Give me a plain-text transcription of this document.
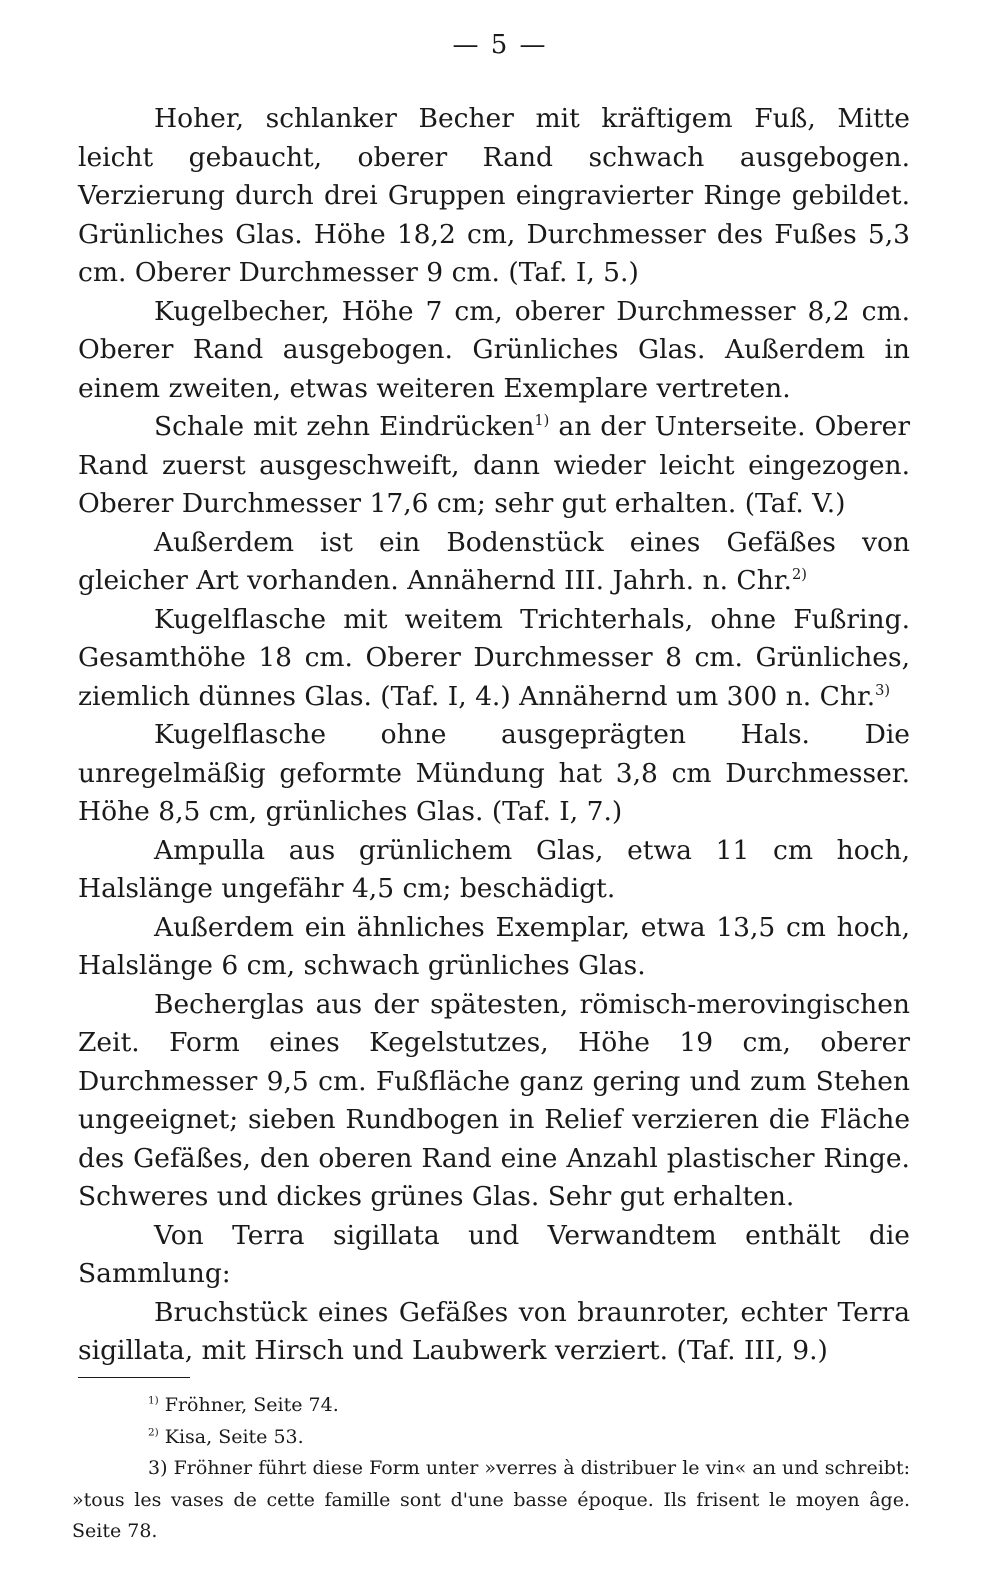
— 5 —

Hoher, schlanker Becher mit kräftigem Fuß, Mitte leicht gebaucht, oberer Rand schwach ausgebogen. Verzierung durch drei Gruppen eingravierter Ringe gebildet. Grünliches Glas. Höhe 18,2 cm, Durchmesser des Fußes 5,3 cm. Oberer Durchmesser 9 cm. (Taf. I, 5.)

Kugelbecher, Höhe 7 cm, oberer Durchmesser 8,2 cm. Oberer Rand ausgebogen. Grünliches Glas. Außerdem in einem zweiten, etwas weiteren Exemplare vertreten.

Schale mit zehn Eindrücken$^{1)}$ an der Unterseite. Oberer Rand zuerst ausgeschweift, dann wieder leicht eingezogen. Oberer Durchmesser 17,6 cm; sehr gut erhalten. (Taf. V.)

Außerdem ist ein Bodenstück eines Gefäßes von gleicher Art vorhanden. Annähernd III. Jahrh. n. Chr.$^{2)}$

Kugelflasche mit weitem Trichterhals, ohne Fußring. Gesamthöhe 18 cm. Oberer Durchmesser 8 cm. Grünliches, ziemlich dünnes Glas. (Taf. I, 4.) Annähernd um 300 n. Chr.$^{3)}$

Kugelflasche ohne ausgeprägten Hals. Die unregelmäßig geformte Mündung hat 3,8 cm Durchmesser. Höhe 8,5 cm, grünliches Glas. (Taf. I, 7.)

Ampulla aus grünlichem Glas, etwa 11 cm hoch, Halslänge ungefähr 4,5 cm; beschädigt.

Außerdem ein ähnliches Exemplar, etwa 13,5 cm hoch, Halslänge 6 cm, schwach grünliches Glas.

Becherglas aus der spätesten, römisch-merovingischen Zeit. Form eines Kegelstutzes, Höhe 19 cm, oberer Durchmesser 9,5 cm. Fußfläche ganz gering und zum Stehen ungeeignet; sieben Rundbogen in Relief verzieren die Fläche des Gefäßes, den oberen Rand eine Anzahl plastischer Ringe. Schweres und dickes grünes Glas. Sehr gut erhalten.

Von Terra sigillata und Verwandtem enthält die Sammlung:

Bruchstück eines Gefäßes von braunroter, echter Terra sigillata, mit Hirsch und Laubwerk verziert. (Taf. III, 9.)

$^{1)}$ Fröhner, Seite 74.

$^{2)}$ Kisa, Seite 53.

3) Fröhner führt diese Form unter »verres à distribuer le vin« an und schreibt: »tous les vases de cette famille sont d'une basse époque. Ils frisent le moyen âge. Seite 78.
